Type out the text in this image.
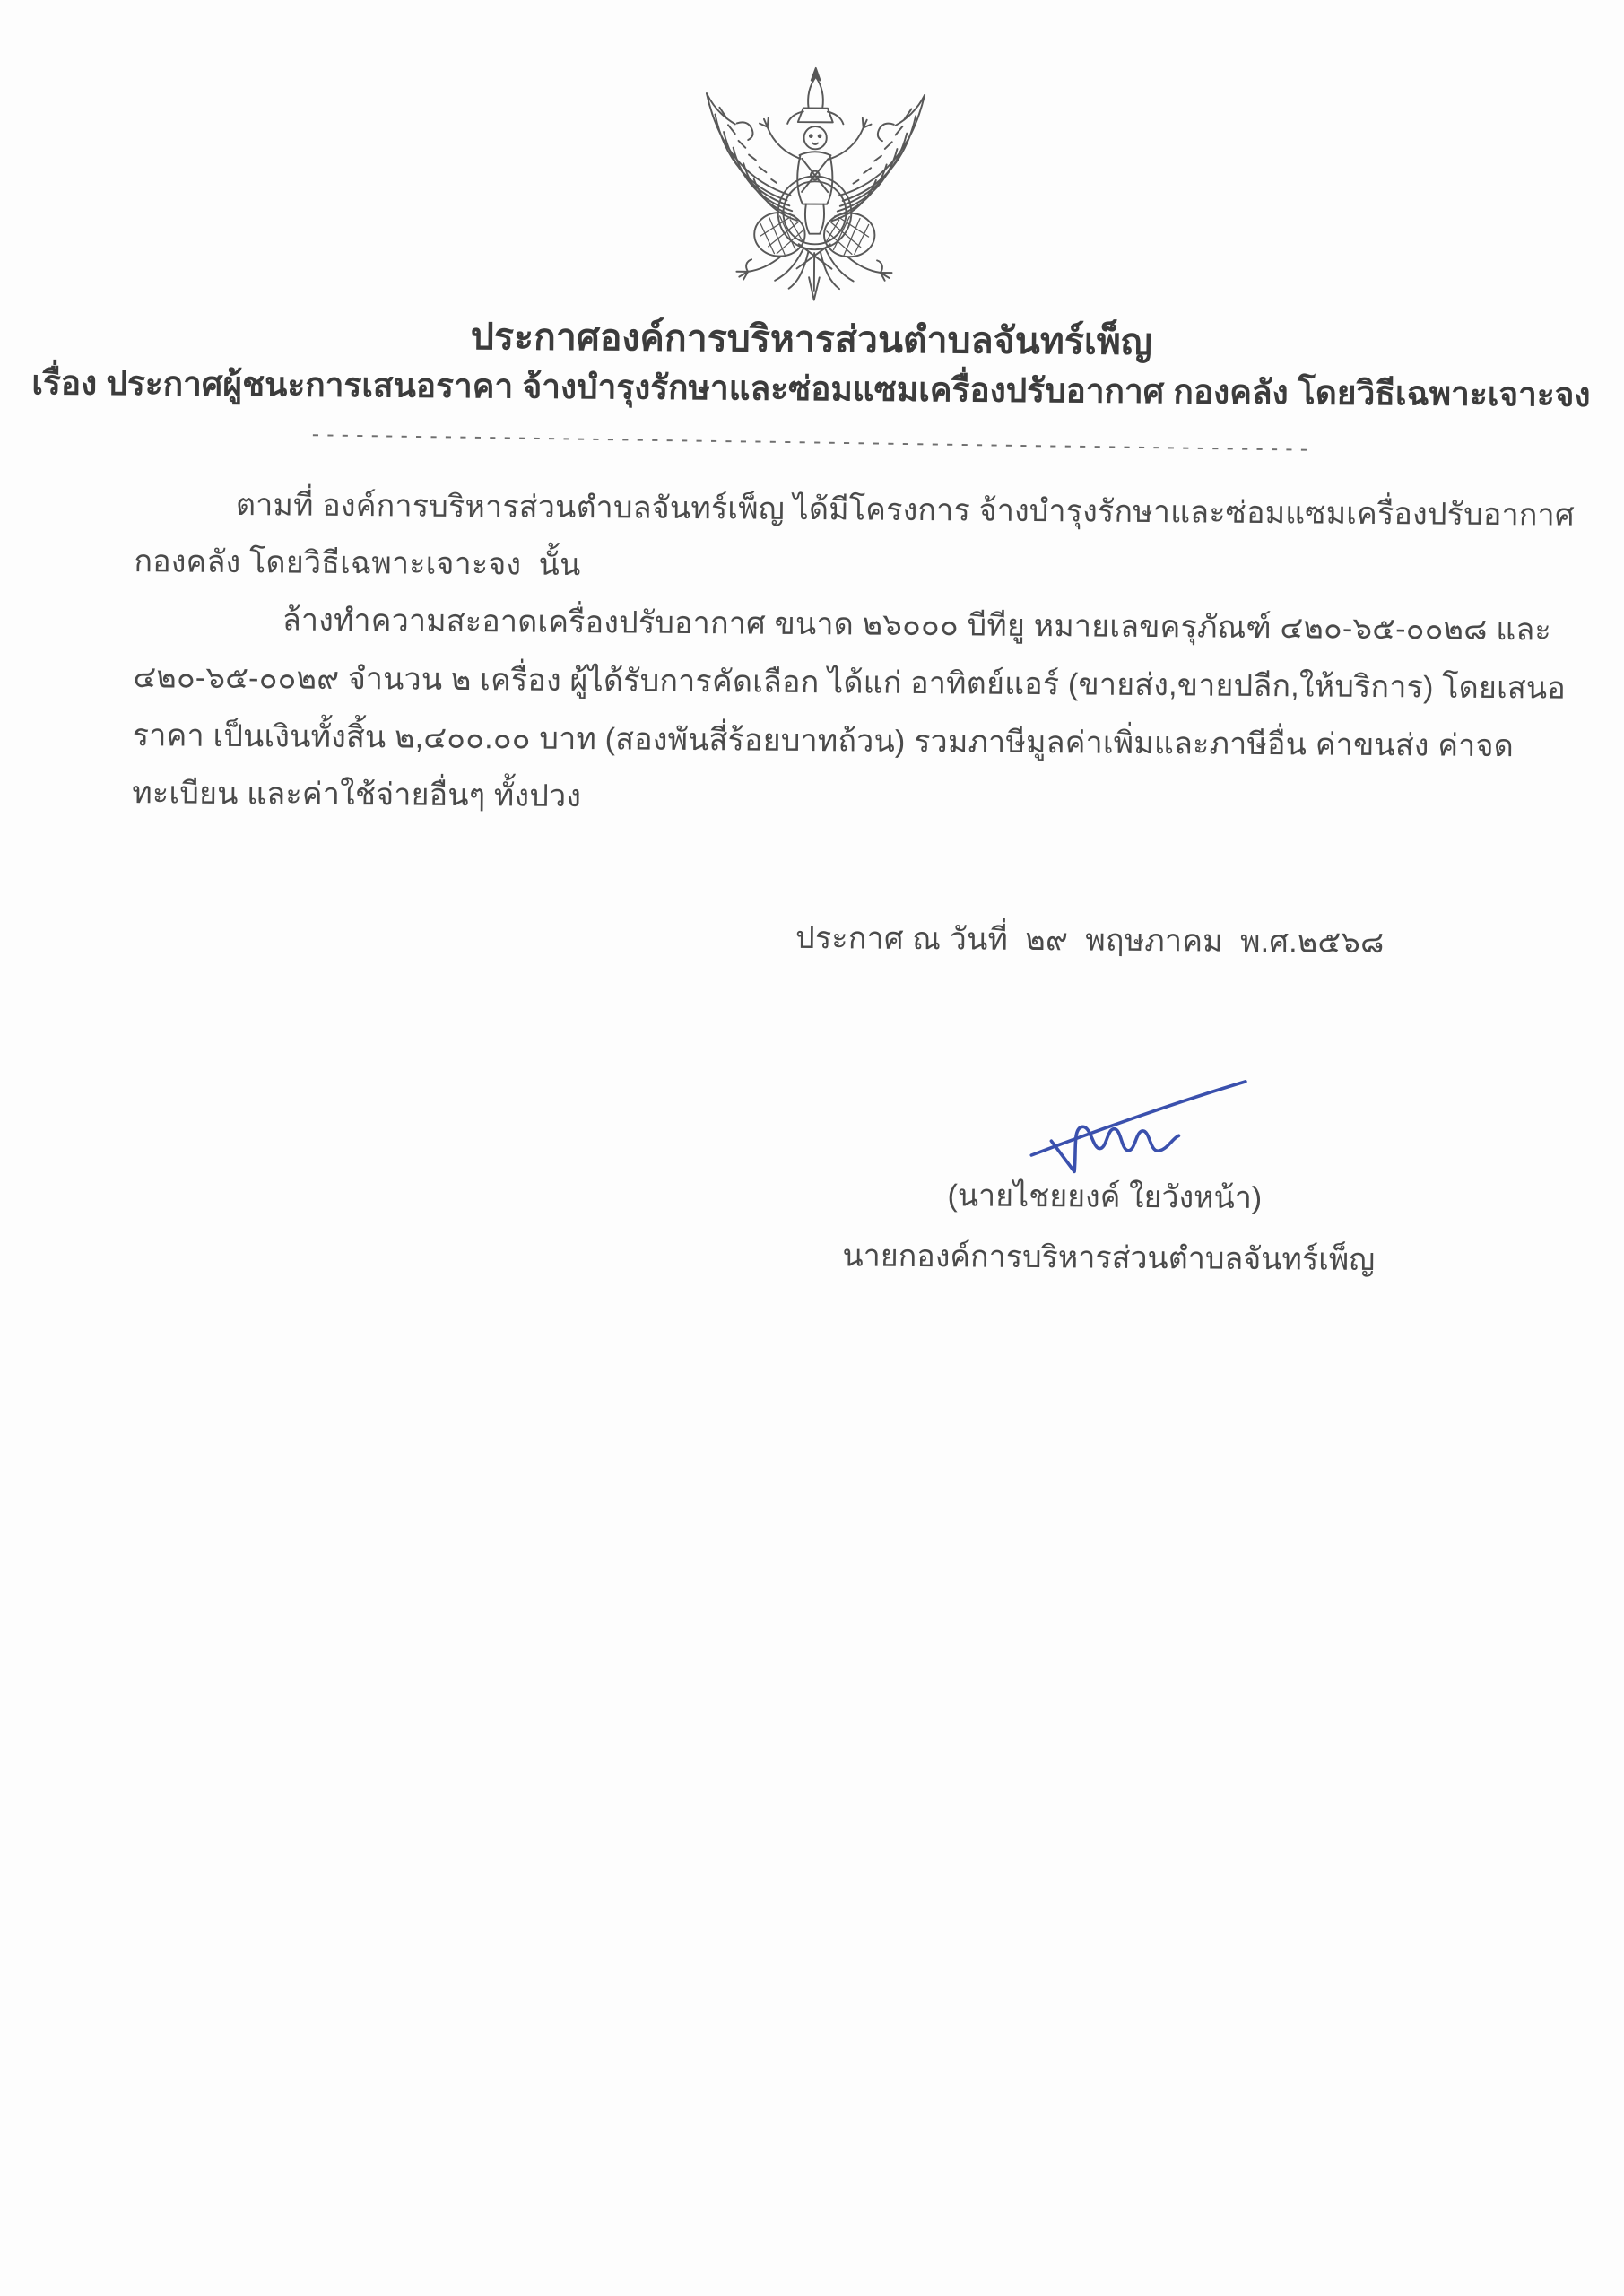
ประกาศองค์การบริหารส่วนตำบลจันทร์เพ็ญ
เรื่อง ประกาศผู้ชนะการเสนอราคา จ้างบำรุงรักษาและซ่อมแซมเครื่องปรับอากาศ กองคลัง โดยวิธีเฉพาะเจาะจง
--------------------------------------------------------------------
ตามที่ องค์การบริหารส่วนตำบลจันทร์เพ็ญ ได้มีโครงการ จ้างบำรุงรักษาและซ่อมแซมเครื่องปรับอากาศ
กองคลัง โดยวิธีเฉพาะเจาะจง  นั้น
ล้างทำความสะอาดเครื่องปรับอากาศ ขนาด ๒๖๐๐๐ บีทียู หมายเลขครุภัณฑ์ ๔๒๐-๖๕-๐๐๒๘ และ
๔๒๐-๖๕-๐๐๒๙ จำนวน ๒ เครื่อง ผู้ได้รับการคัดเลือก ได้แก่ อาทิตย์แอร์ (ขายส่ง,ขายปลีก,ให้บริการ) โดยเสนอ
ราคา เป็นเงินทั้งสิ้น ๒,๔๐๐.๐๐ บาท (สองพันสี่ร้อยบาทถ้วน) รวมภาษีมูลค่าเพิ่มและภาษีอื่น ค่าขนส่ง ค่าจด
ทะเบียน และค่าใช้จ่ายอื่นๆ ทั้งปวง
ประกาศ ณ วันที่  ๒๙  พฤษภาคม  พ.ศ.๒๕๖๘
(นายไชยยงค์ ใยวังหน้า)
นายกองค์การบริหารส่วนตำบลจันทร์เพ็ญ
